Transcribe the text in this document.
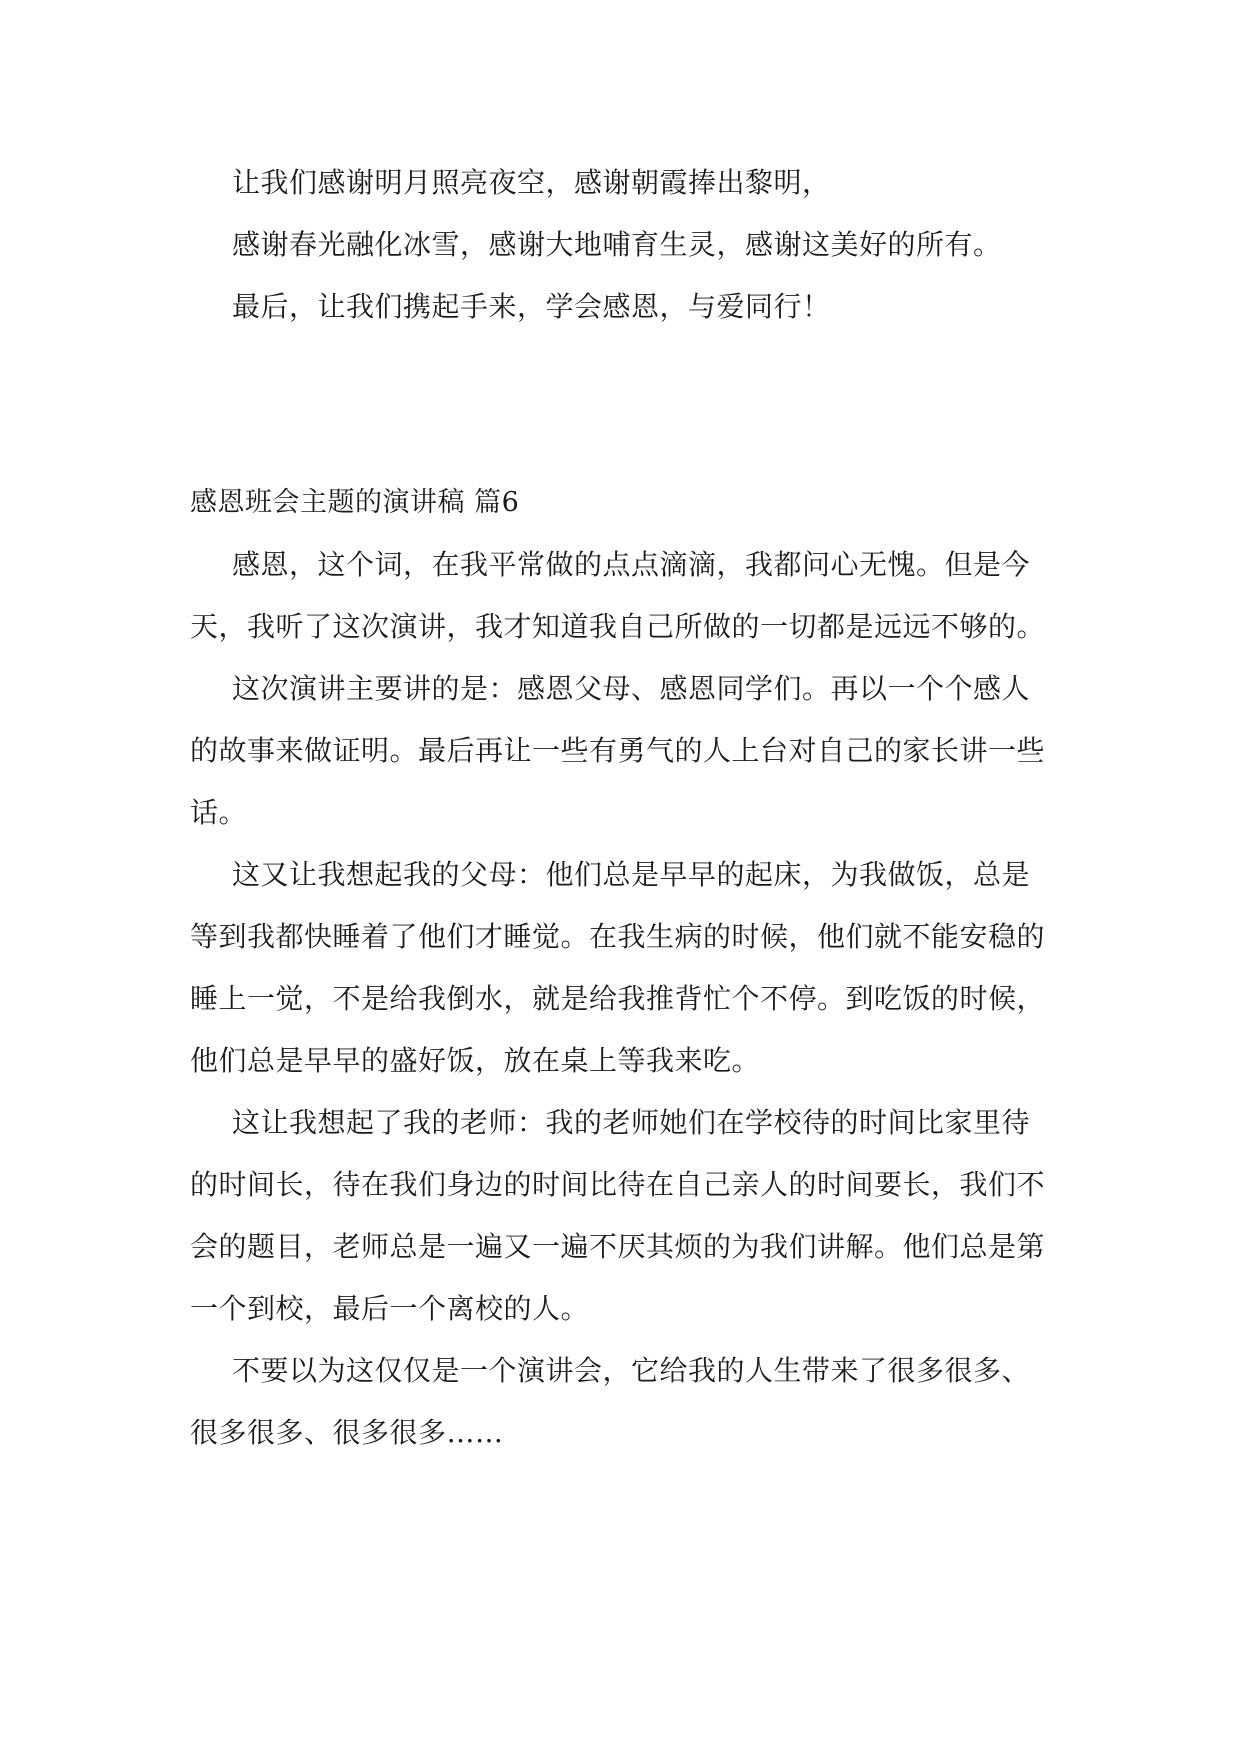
让我们感谢明月照亮夜空，感谢朝霞捧出黎明，
感谢春光融化冰雪，感谢大地哺育生灵，感谢这美好的所有。
最后，让我们携起手来，学会感恩，与爱同行！
感恩班会主题的演讲稿 篇6
感恩，这个词，在我平常做的点点滴滴，我都问心无愧。但是今
天，我听了这次演讲，我才知道我自己所做的一切都是远远不够的。
这次演讲主要讲的是：感恩父母、感恩同学们。再以一个个感人
的故事来做证明。最后再让一些有勇气的人上台对自己的家长讲一些
话。
这又让我想起我的父母：他们总是早早的起床，为我做饭，总是
等到我都快睡着了他们才睡觉。在我生病的时候，他们就不能安稳的
睡上一觉，不是给我倒水，就是给我推背忙个不停。到吃饭的时候，
他们总是早早的盛好饭，放在桌上等我来吃。
这让我想起了我的老师：我的老师她们在学校待的时间比家里待
的时间长，待在我们身边的时间比待在自己亲人的时间要长，我们不
会的题目，老师总是一遍又一遍不厌其烦的为我们讲解。他们总是第
一个到校，最后一个离校的人。
不要以为这仅仅是一个演讲会，它给我的人生带来了很多很多、
很多很多、很多很多……
